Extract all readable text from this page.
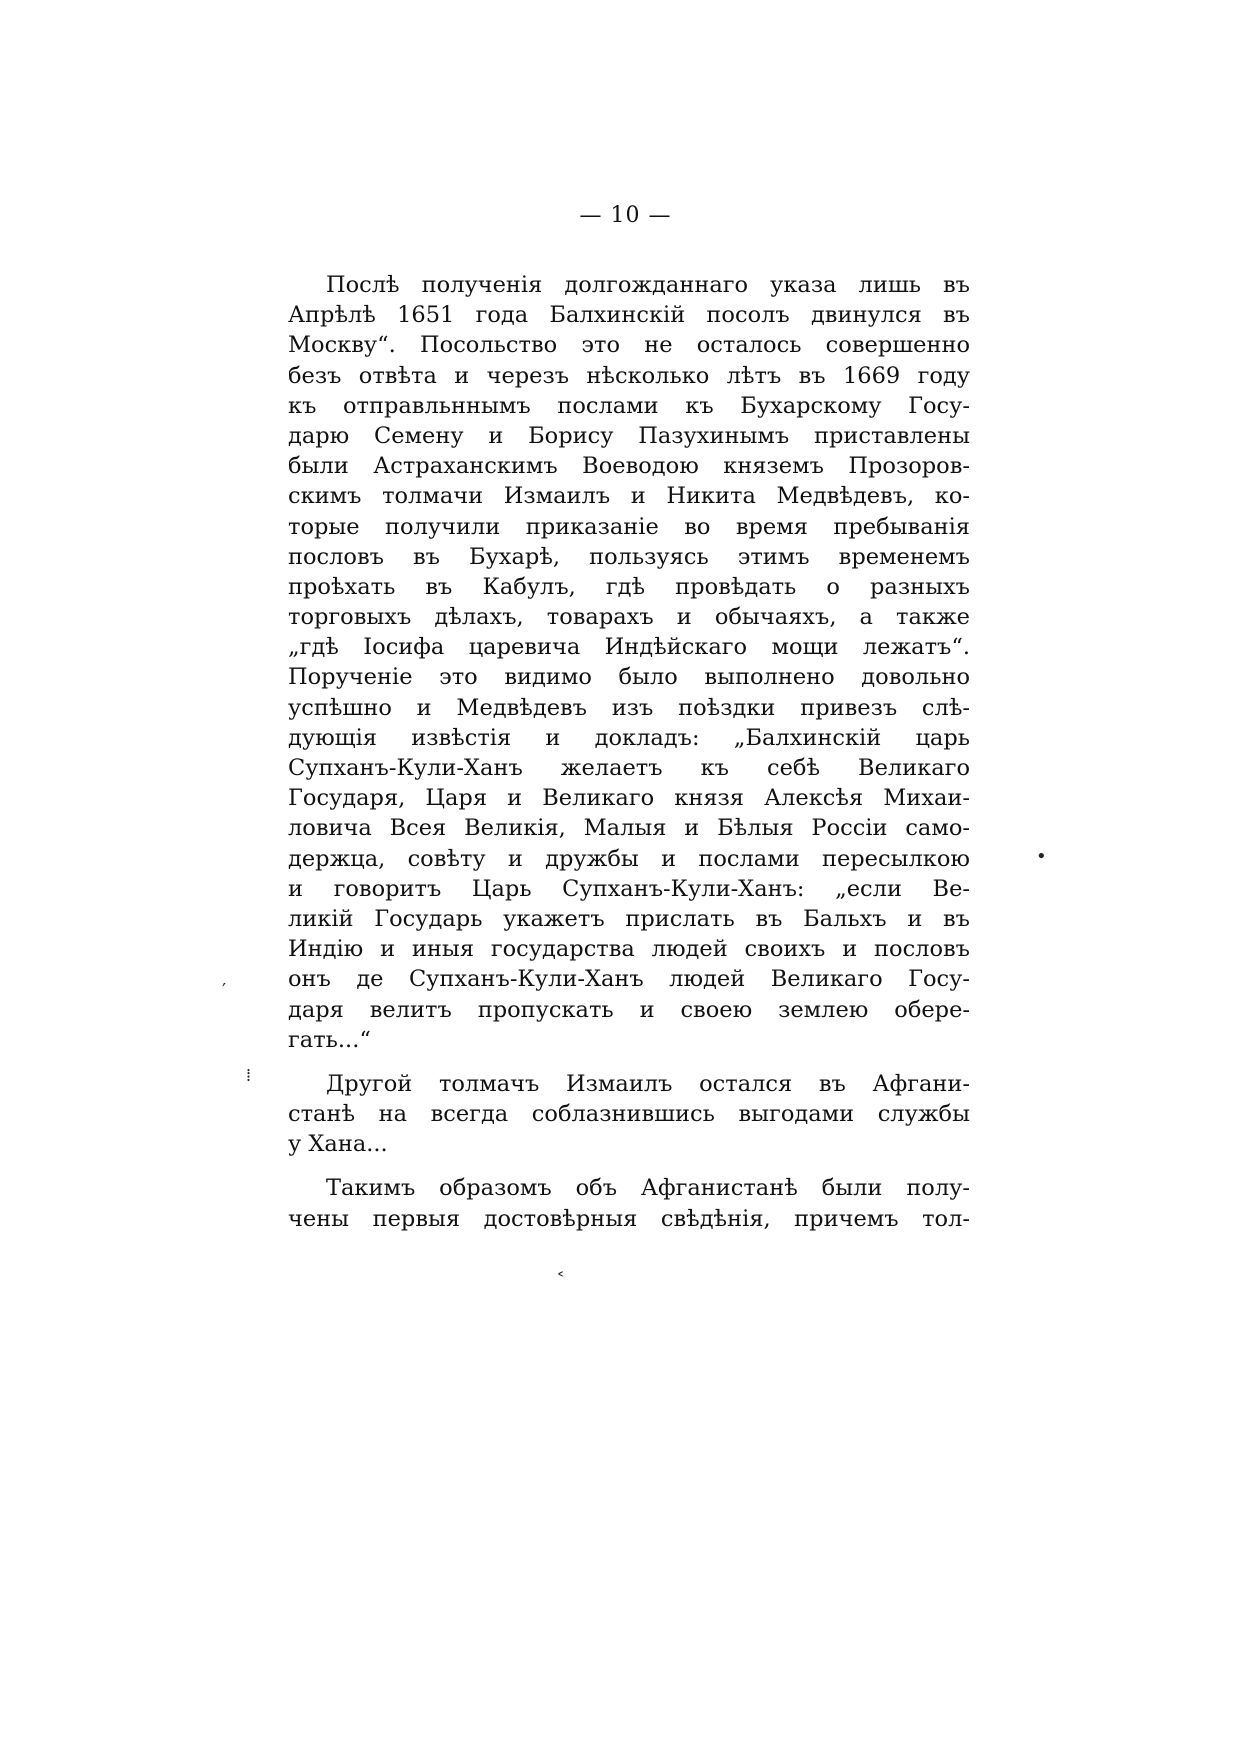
— 10 —
Послѣ полученія долгожданнаго указа лишь въ
Апрѣлѣ 1651 года Балхинскій посолъ двинулся въ
Москву“. Посольство это не осталось совершенно
безъ отвѣта и черезъ нѣсколько лѣтъ въ 1669 году
къ отправльннымъ послами къ Бухарскому Госу-
дарю Семену и Борису Пазухинымъ приставлены
были Астраханскимъ Воеводою княземъ Прозоров-
скимъ толмачи Измаилъ и Никита Медвѣдевъ, ко-
торые получили приказаніе во время пребыванія
пословъ въ Бухарѣ, пользуясь этимъ временемъ
проѣхать въ Кабулъ, гдѣ провѣдать о разныхъ
торговыхъ дѣлахъ, товарахъ и обычаяхъ, а также
„гдѣ Іосифа царевича Индѣйскаго мощи лежатъ“.
Порученіе это видимо было выполнено довольно
успѣшно и Медвѣдевъ изъ поѣздки привезъ слѣ-
дующія извѣстія и докладъ: „Балхинскій царь
Супханъ-Кули-Ханъ желаетъ къ себѣ Великаго
Государя, Царя и Великаго князя Алексѣя Михаи-
ловича Всея Великія, Малыя и Бѣлыя Россіи само-
держца, совѣту и дружбы и послами пересылкою
и говоритъ Царь Супханъ-Кули-Ханъ: „если Ве-
ликій Государь укажетъ прислать въ Бальхъ и въ
Индію и иныя государства людей своихъ и пословъ
онъ де Супханъ-Кули-Ханъ людей Великаго Госу-
даря велитъ пропускать и своею землею обере-
гать...“
Другой толмачъ Измаилъ остался въ Афгани-
станѣ на всегда соблазнившись выгодами службы
у Хана...
Такимъ образомъ объ Афганистанѣ были полу-
чены первыя достовѣрныя свѣдѣнія, причемъ тол-
•
′
⁞
˂
